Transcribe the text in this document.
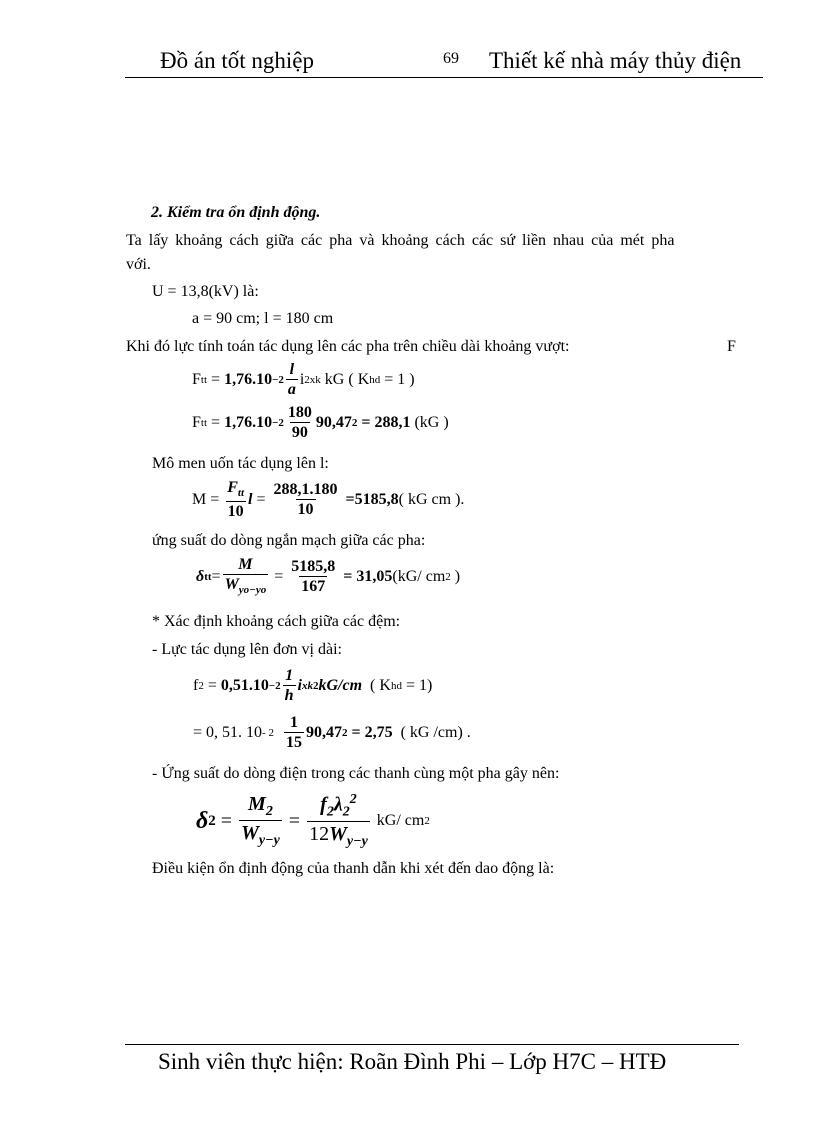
Đồ án tốt nghiệp	69 Thiết kế nhà máy thủy điện
2. Kiểm tra ổn định động.
Ta lấy khoảng cách giữa các pha và khoảng cách các sứ liền nhau của mét pha
với.
U = 13,8(kV) là:
a = 90 cm; l = 180 cm
Khi đó lực tính toán tác dụng lên các pha trên chiều dài khoảng vượt:	F
F tt = $1,76.10 -2 \frac{l}{a}$ i 2 xk
kG
( K hd
= 1 )
F tt = $1,76.10 -2 \frac{180}{90} 90,47$ 2
= 288,1
(kG )
Mô men uốn tác dụng lên l:
M =
$\frac{F_{tt}}{10}$ $l = \frac{288,1.180}{10}$
=5185,8 ( kG cm ).
ứng suất do dòng ngắn mạch giữa các pha:
δ tt = $\frac{M}{W_{yo-yo}} = \frac{5185,8}{167}$
= 31,05 (kG/ cm 2 )
* Xác định khoảng cách giữa các đệm:
- Lực tác dụng lên đơn vị dài:
f $2 = 0,51.10 -2 \frac{1}{h}$ i xk 2 kG/cm
( K hd
= 1)
= 0, 51. 10 - 2
$\frac{1}{15} 90,47$ 2
= 2,75
( kG /cm) .
- Ứng suất do dòng điện trong các thanh cùng một pha gây nên:
δ $2 = \frac{M_2}{W_{y-y}} = \frac{f_2\lambda_2^2}{12W_{y-y}}$
kG/ cm 2
Điều kiện ổn định động của thanh dẫn khi xét đến dao động là:
Sinh viên thực hiện: Roãn Đình Phi – Lớp H7C – HTĐ
